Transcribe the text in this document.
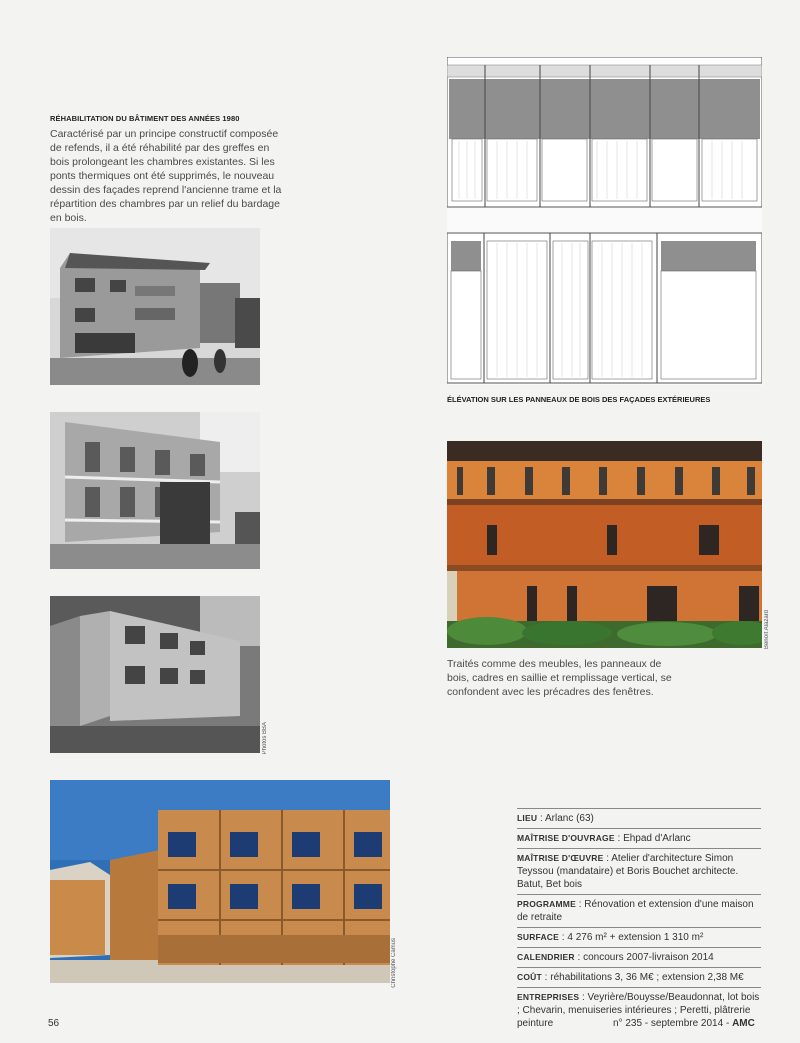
RÉHABILITATION DU BÂTIMENT DES ANNÉES 1980
Caractérisé par un principe constructif composée de refends, il a été réhabilité par des greffes en bois prolongeant les chambres existantes. Si les ponts thermiques ont été supprimés, le nouveau dessin des façades reprend l'ancienne trame et la répartition des chambres par un relief du bardage en bois.
Photos BBA
Christophe Camus
ÉLÉVATION SUR LES PANNEAUX DE BOIS DES FAÇADES EXTÉRIEURES
Benoît Alazard
Traités comme des meubles, les panneaux de bois, cadres en saillie et remplissage vertical, se confondent avec les précadres des fenêtres.
LIEU : Arlanc (63)
MAÎTRISE D'OUVRAGE : Ehpad d'Arlanc
MAÎTRISE D'ŒUVRE : Atelier d'architecture Simon Teyssou (mandataire) et Boris Bouchet architecte. Batut, Bet bois
PROGRAMME : Rénovation et extension d'une maison de retraite
SURFACE : 4 276 m² + extension 1 310 m²
CALENDRIER : concours 2007-livraison 2014
COÛT : réhabilitations 3, 36 M€ ; extension 2,38 M€
ENTREPRISES : Veyrière/Bouysse/Beaudonnat, lot bois ; Chevarin, menuiseries intérieures ; Peretti, plâtrerie peinture
56	n° 235 - septembre 2014 - AMC
